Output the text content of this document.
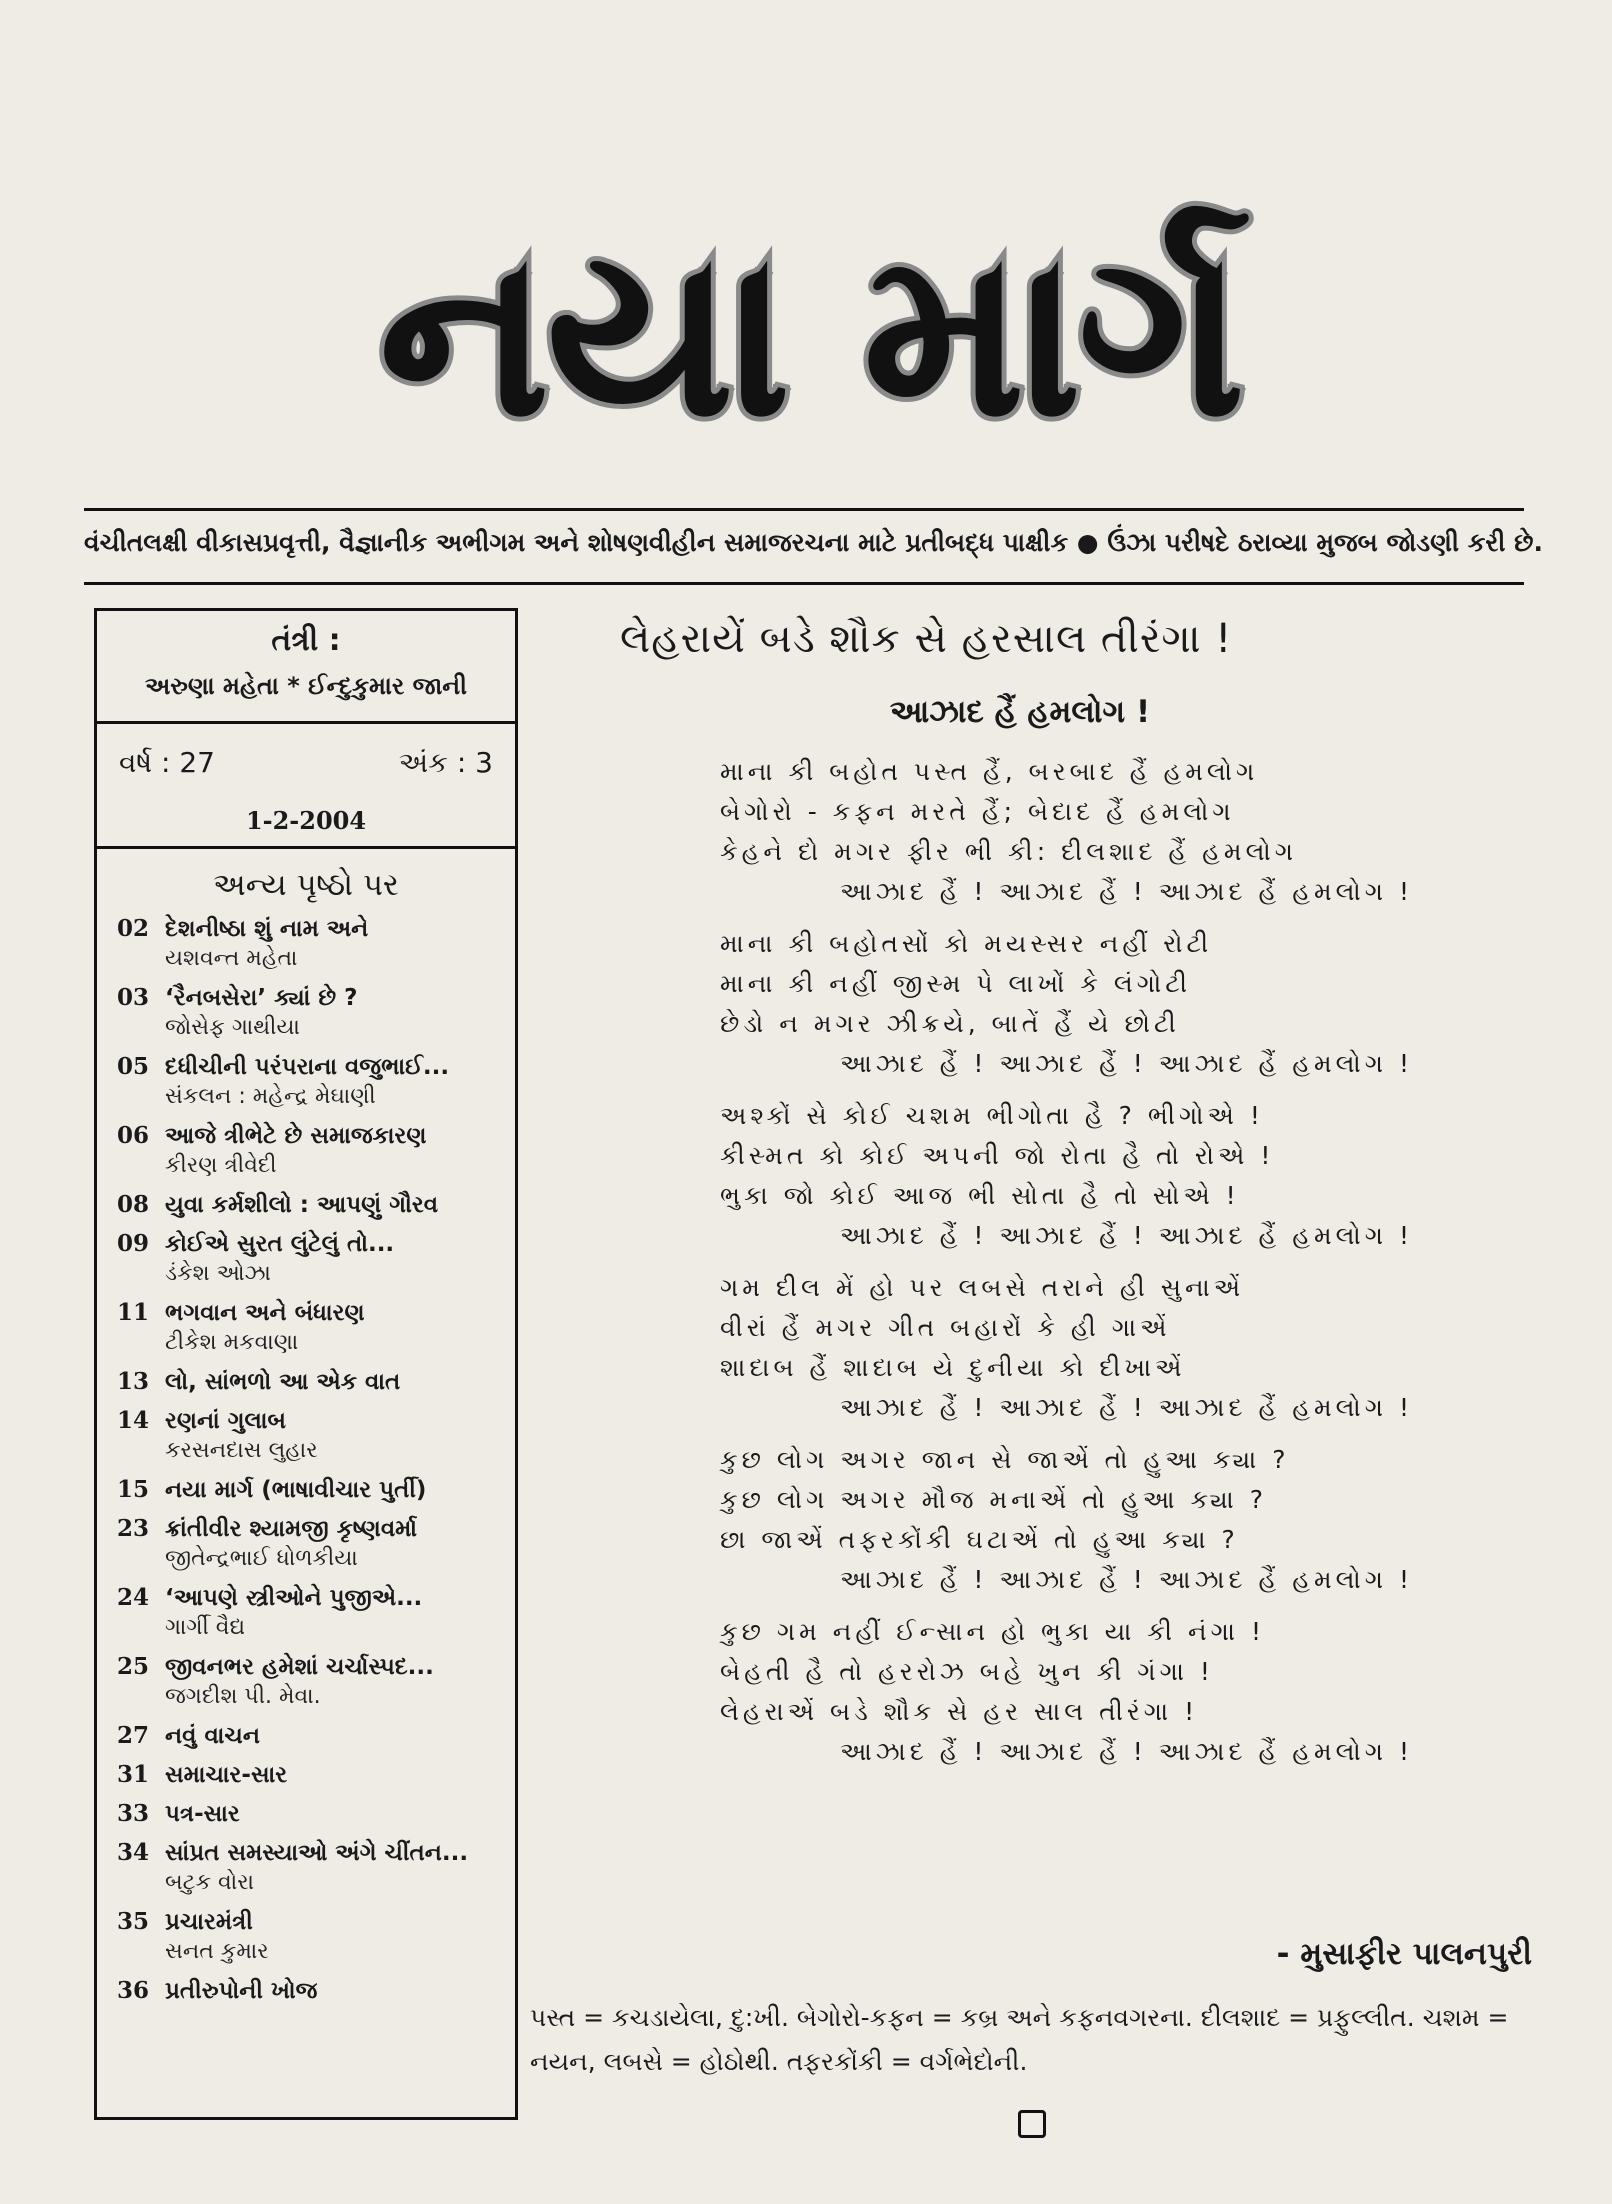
નયા માર્ગ
વંચીતલક્ષી વીકાસપ્રવૃત્તી, વૈજ્ઞાનીક અભીગમ અને શોષણવીહીન સમાજરચના માટે પ્રતીબદ્ધ પાક્ષીક ● ઉંઝા પરીષદે ઠરાવ્યા મુજબ જોડણી કરી છે.
તંત્રી :
અરુણા મહેતા * ઈન્દુકુમાર જાની
વર્ષ : 27	અંક : 3
1-2-2004
અન્ય પૃષ્ઠો પર
02 દેશનીષ્ઠા શું નામ અને
યશવન્ત મહેતા
03 ‘રૈનબસેરા’ ક્યાં છે ?
જોસેફ ગાથીયા
05 દધીચીની પરંપરાના વજુભાઈ...
સંકલન : મહેન્દ્ર મેઘાણી
06 આજે ત્રીભેટે છે સમાજકારણ
કીરણ ત્રીવેદી
08 યુવા કર્મશીલો : આપણું ગૌરવ
09 કોઈએ સુરત લુંટેલું તો...
ડંકેશ ઓઝા
11 ભગવાન અને બંધારણ
ટીકેશ મકવાણા
13 લો, સાંભળો આ એક વાત
14 રણનાં ગુલાબ
કરસનદાસ લુહાર
15 નયા માર્ગ (ભાષાવીચાર પુર્તી)
23 ક્રાંતીવીર શ્યામજી કૃષ્ણવર્મા
જીતેન્દ્રભાઈ ધોળકીયા
24 ‘આપણે સ્ત્રીઓને પુજીએ...
ગાર્ગી વૈદ્ય
25 જીવનભર હમેશાં ચર્ચાસ્પદ...
જગદીશ પી. મેવા.
27 નવું વાચન
31 સમાચાર-સાર
33 પત્ર-સાર
34 સાંપ્રત સમસ્યાઓ અંગે ચીંતન...
બટુક વોરા
35 પ્રચારમંત્રી
સનત કુમાર
36 પ્રતીરુપોની ખોજ
લેહરાયેં બડે શૌક સે હરસાલ તીરંગા !
આઝાદ હૈં હમલોગ !
માના કી બહોત પસ્ત હૈં, બરબાદ હૈં હમલોગ
બેગોરો - કફન મરતે હૈં; બેદાદ હૈં હમલોગ
કેહને દો મગર ફીર ભી કી: દીલશાદ હૈં હમલોગ
આઝાદ હૈં ! આઝાદ હૈં ! આઝાદ હૈં હમલોગ !
માના કી બહોતસોં કો મયસ્સર નહીં રોટી
માના કી નહીં જીસ્મ પે લાખોં કે લંગોટી
છેડો ન મગર ઝીક્રયે, બાતેં હૈં યે છોટી
આઝાદ હૈં ! આઝાદ હૈં ! આઝાદ હૈં હમલોગ !
અશ્કોં સે કોઈ ચશમ ભીગોતા હૈ ? ભીગોએ !
કીસ્મત કો કોઈ અપની જો રોતા હૈ તો રોએ !
ભુકા જો કોઈ આજ ભી સોતા હૈ તો સોએ !
આઝાદ હૈં ! આઝાદ હૈં ! આઝાદ હૈં હમલોગ !
ગમ દીલ મેં હો પર લબસે તરાને હી સુનાએં
વીરાં હૈં મગર ગીત બહારોં કે હી ગાએં
શાદાબ હૈં શાદાબ યે દુનીયા કો દીખાએં
આઝાદ હૈં ! આઝાદ હૈં ! આઝાદ હૈં હમલોગ !
કુછ લોગ અગર જાન સે જાએં તો હુઆ ક્યા ?
કુછ લોગ અગર મૌજ મનાએં તો હુઆ ક્યા ?
છા જાએં તફરકોંકી ઘટાએં તો હુઆ ક્યા ?
આઝાદ હૈં ! આઝાદ હૈં ! આઝાદ હૈં હમલોગ !
કુછ ગમ નહીં ઈન્સાન હો ભુકા યા કી નંગા !
બેહતી હૈ તો હરરોઝ બહે ખુન કી ગંગા !
લેહરાએં બડે શૌક સે હર સાલ તીરંગા !
આઝાદ હૈં ! આઝાદ હૈં ! આઝાદ હૈં હમલોગ !
- મુસાફીર પાલનપુરી
પસ્ત = કચડાયેલા, દુ:ખી. બેગોરો-કફન = કબ્ર અને કફનવગરના. દીલશાદ = પ્રફુલ્લીત. ચશમ = નયન, લબસે = હોઠોથી. તફરકોંકી = વર્ગભેદોની.
